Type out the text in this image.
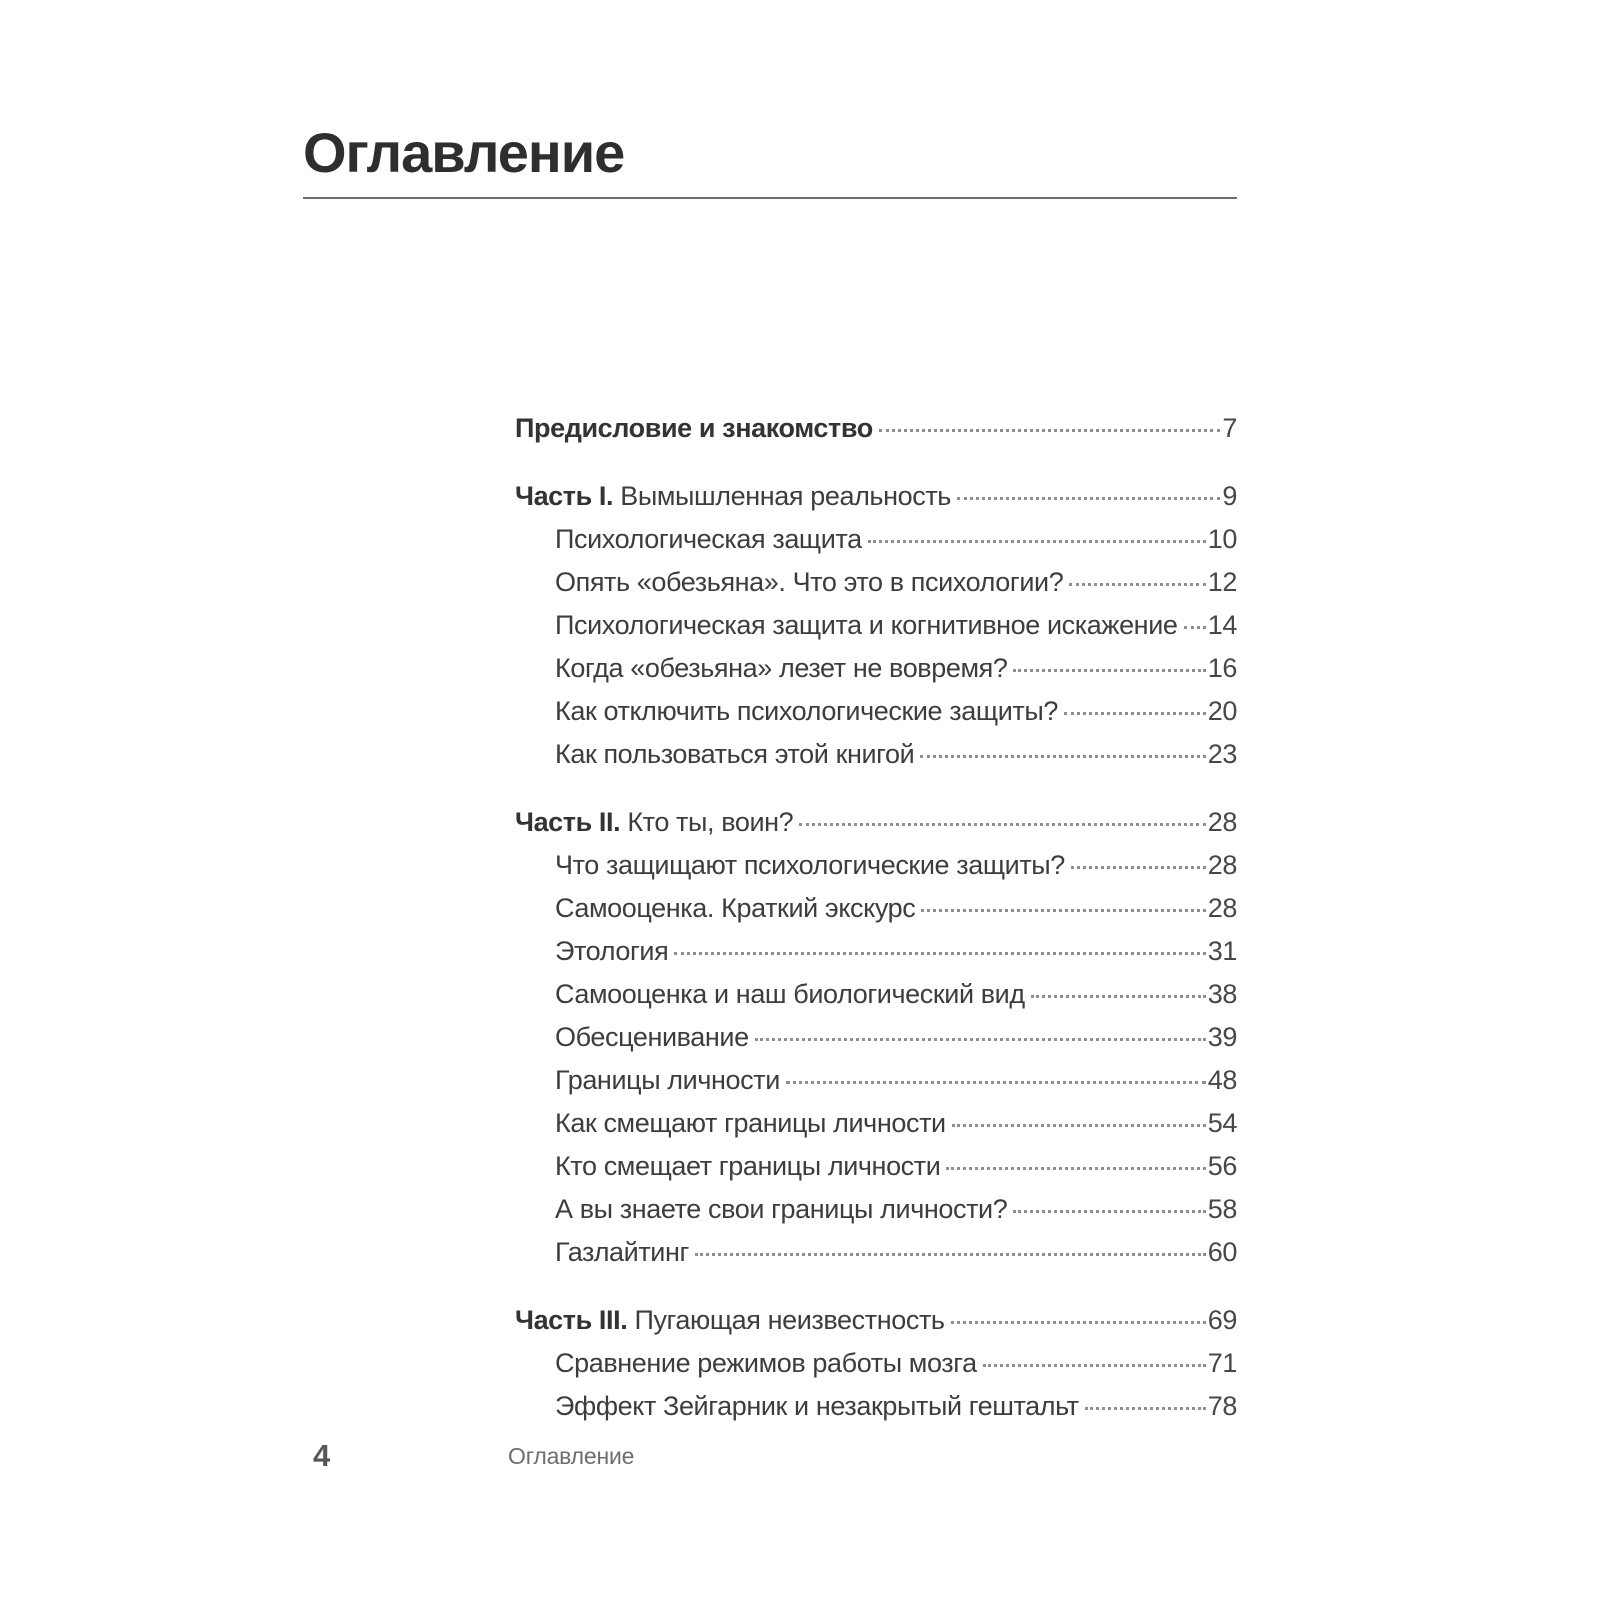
Оглавление
Предисловие и знакомство	7
Часть I. Вымышленная реальность	9
Психологическая защита	10
Опять «обезьяна». Что это в психологии?	12
Психологическая защита и когнитивное искажение 14
Когда «обезьяна» лезет не вовремя?	16
Как отключить психологические защиты?	20
Как пользоваться этой книгой	23
Часть II. Кто ты, воин?	28
Что защищают психологические защиты?	28
Самооценка. Краткий экскурс	28
Этология	31
Самооценка и наш биологический вид	38
Обесценивание	39
Границы личности	48
Как смещают границы личности	54
Кто смещает границы личности	56
А вы знаете свои границы личности?	58
Газлайтинг	60
Часть III. Пугающая неизвестность	69
Сравнение режимов работы мозга	71
Эффект Зейгарник и незакрытый гештальт	78
4	Оглавление
